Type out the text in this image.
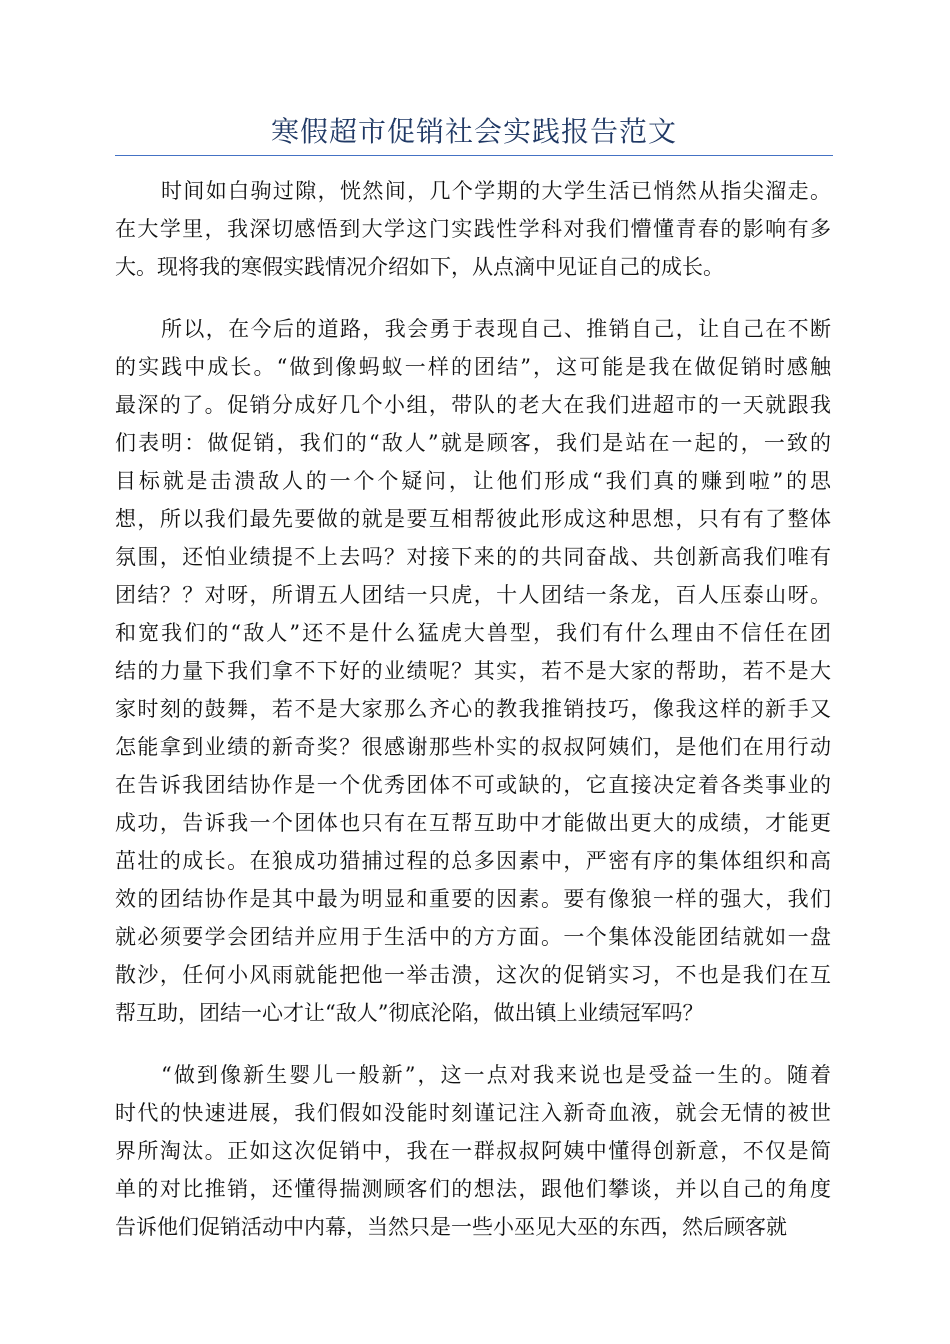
寒假超市促销社会实践报告范文
时间如白驹过隙，恍然间，几个学期的大学生活已悄然从指尖溜走。
在大学里，我深切感悟到大学这门实践性学科对我们懵懂青春的影响有多
大。现将我的寒假实践情况介绍如下，从点滴中见证自己的成长。
所以，在今后的道路，我会勇于表现自己、推销自己，让自己在不断
的实践中成长。“做到像蚂蚁一样的团结”，这可能是我在做促销时感触
最深的了。促销分成好几个小组，带队的老大在我们进超市的一天就跟我
们表明：做促销，我们的“敌人”就是顾客，我们是站在一起的，一致的
目标就是击溃敌人的一个个疑问，让他们形成“我们真的赚到啦”的思
想，所以我们最先要做的就是要互相帮彼此形成这种思想，只有有了整体
氛围，还怕业绩提不上去吗？对接下来的的共同奋战、共创新高我们唯有
团结？？对呀，所谓五人团结一只虎，十人团结一条龙，百人压泰山呀。
和宽我们的“敌人”还不是什么猛虎大兽型，我们有什么理由不信任在团
结的力量下我们拿不下好的业绩呢？其实，若不是大家的帮助，若不是大
家时刻的鼓舞，若不是大家那么齐心的教我推销技巧，像我这样的新手又
怎能拿到业绩的新奇奖？很感谢那些朴实的叔叔阿姨们，是他们在用行动
在告诉我团结协作是一个优秀团体不可或缺的，它直接决定着各类事业的
成功，告诉我一个团体也只有在互帮互助中才能做出更大的成绩，才能更
茁壮的成长。在狼成功猎捕过程的总多因素中，严密有序的集体组织和高
效的团结协作是其中最为明显和重要的因素。要有像狼一样的强大，我们
就必须要学会团结并应用于生活中的方方面。一个集体没能团结就如一盘
散沙，任何小风雨就能把他一举击溃，这次的促销实习，不也是我们在互
帮互助，团结一心才让“敌人”彻底沦陷，做出镇上业绩冠军吗？
“做到像新生婴儿一般新”，这一点对我来说也是受益一生的。随着
时代的快速进展，我们假如没能时刻谨记注入新奇血液，就会无情的被世
界所淘汰。正如这次促销中，我在一群叔叔阿姨中懂得创新意，不仅是简
单的对比推销，还懂得揣测顾客们的想法，跟他们攀谈，并以自己的角度
告诉他们促销活动中内幕，当然只是一些小巫见大巫的东西，然后顾客就
